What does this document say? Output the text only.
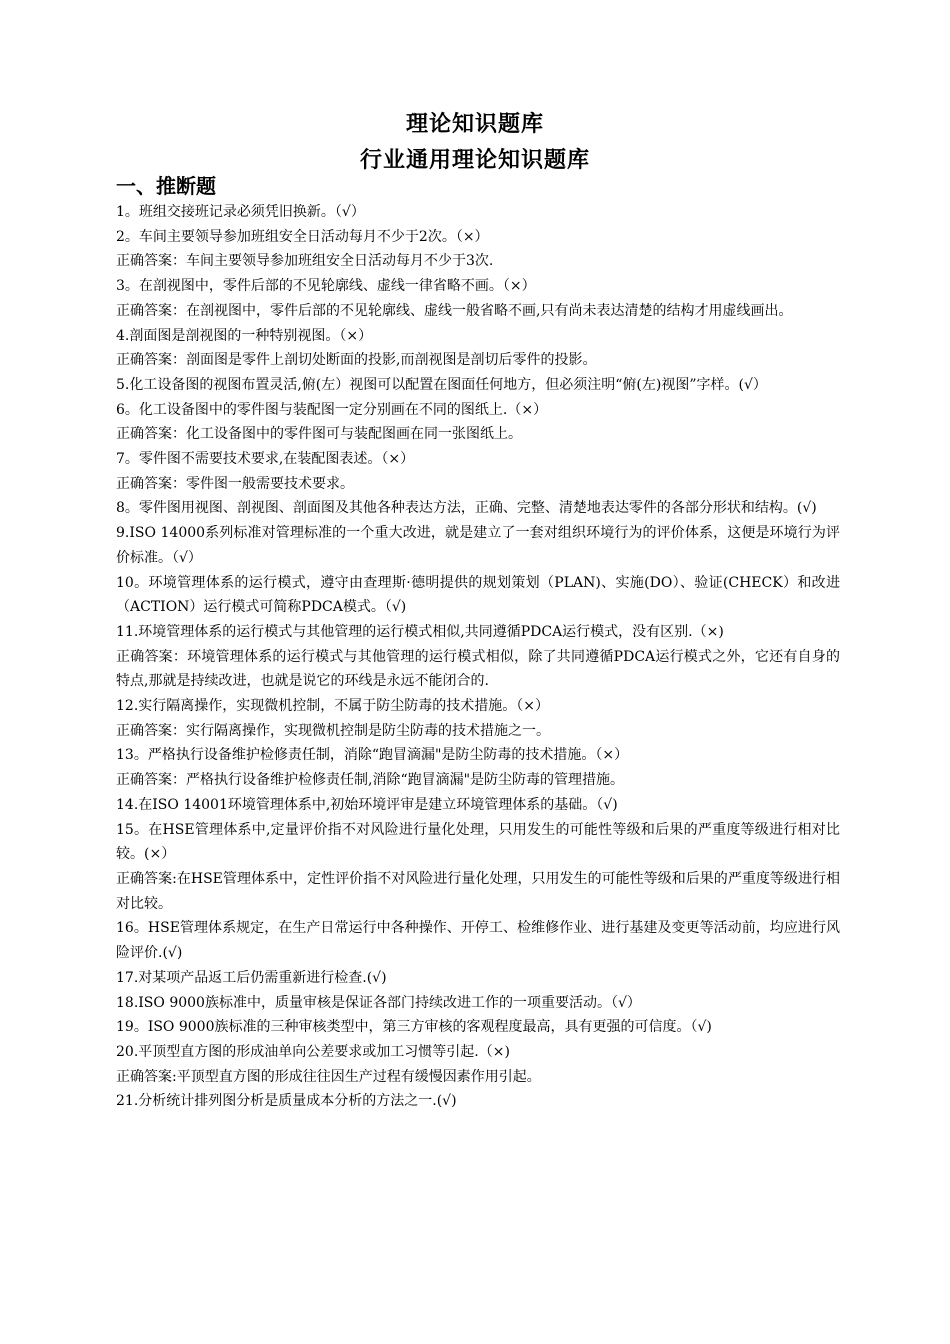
理论知识题库
行业通用理论知识题库
一、推断题

1。班组交接班记录必须凭旧换新。（√）

2。车间主要领导参加班组安全日活动每月不少于2次。（×）

正确答案：车间主要领导参加班组安全日活动每月不少于3次.

3。在剖视图中，零件后部的不见轮廓线、虚线一律省略不画。（×）

正确答案：在剖视图中，零件后部的不见轮廓线、虚线一般省略不画,只有尚未表达清楚的结构才用虚线画出。

4.剖面图是剖视图的一种特别视图。（×）

正确答案：剖面图是零件上剖切处断面的投影,而剖视图是剖切后零件的投影。

5.化工设备图的视图布置灵活,俯(左）视图可以配置在图面任何地方，但必须注明“俯(左)视图”字样。(√）

6。化工设备图中的零件图与装配图一定分别画在不同的图纸上.（×）

正确答案：化工设备图中的零件图可与装配图画在同一张图纸上。

7。零件图不需要技术要求,在装配图表述。（×）

正确答案：零件图一般需要技术要求。

8。零件图用视图、剖视图、剖面图及其他各种表达方法，正确、完整、清楚地表达零件的各部分形状和结构。(√)

9.ISO 14000系列标准对管理标准的一个重大改进，就是建立了一套对组织环境行为的评价体系，这便是环境行为评价标准。（√）

10。环境管理体系的运行模式，遵守由查理斯·德明提供的规划策划（PLAN)、实施(DO）、验证(CHECK）和改进（ACTION）运行模式可简称PDCA模式。（√)

11.环境管理体系的运行模式与其他管理的运行模式相似,共同遵循PDCA运行模式，没有区别.（×)

正确答案：环境管理体系的运行模式与其他管理的运行模式相似，除了共同遵循PDCA运行模式之外，它还有自身的特点,那就是持续改进，也就是说它的环线是永远不能闭合的.

12.实行隔离操作，实现微机控制，不属于防尘防毒的技术措施。（×）

正确答案：实行隔离操作，实现微机控制是防尘防毒的技术措施之一。

13。严格执行设备维护检修责任制，消除“跑冒滴漏"是防尘防毒的技术措施。（×）

正确答案：严格执行设备维护检修责任制,消除“跑冒滴漏"是防尘防毒的管理措施。

14.在ISO 14001环境管理体系中,初始环境评审是建立环境管理体系的基础。（√)

15。在HSE管理体系中,定量评价指不对风险进行量化处理，只用发生的可能性等级和后果的严重度等级进行相对比较。(×）

正确答案:在HSE管理体系中，定性评价指不对风险进行量化处理，只用发生的可能性等级和后果的严重度等级进行相对比较。

16。HSE管理体系规定，在生产日常运行中各种操作、开停工、检维修作业、进行基建及变更等活动前，均应进行风险评价.(√)

17.对某项产品返工后仍需重新进行检查.(√)

18.ISO 9000族标准中，质量审核是保证各部门持续改进工作的一项重要活动。（√）

19。ISO 9000族标准的三种审核类型中，第三方审核的客观程度最高，具有更强的可信度。（√)

20.平顶型直方图的形成油单向公差要求或加工习惯等引起.（×)

正确答案:平顶型直方图的形成往往因生产过程有缓慢因素作用引起。

21.分析统计排列图分析是质量成本分析的方法之一.(√)
